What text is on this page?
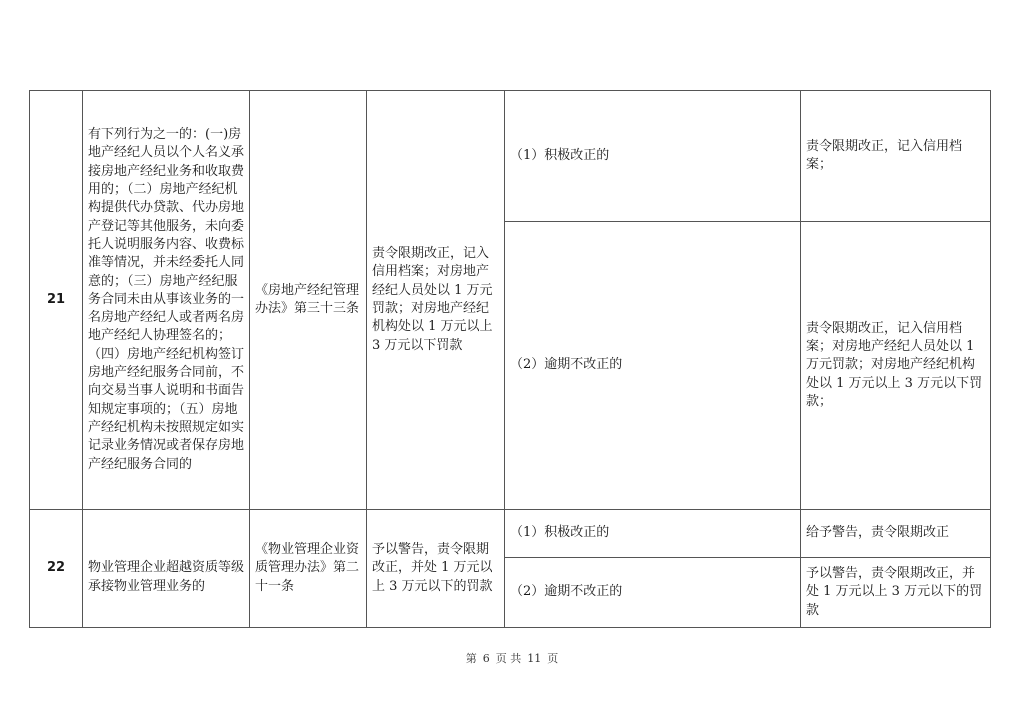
21	有下列行为之一的：(一)房地产经纪人员以个人名义承接房地产经纪业务和收取费用的；（二）房地产经纪机构提供代办贷款、代办房地产登记等其他服务，未向委托人说明服务内容、收费标准等情况，并未经委托人同意的；（三）房地产经纪服务合同未由从事该业务的一名房地产经纪人或者两名房地产经纪人协理签名的；（四）房地产经纪机构签订房地产经纪服务合同前，不向交易当事人说明和书面告知规定事项的；（五）房地产经纪机构未按照规定如实记录业务情况或者保存房地产经纪服务合同的	《房地产经纪管理办法》第三十三条	责令限期改正，记入信用档案；对房地产经纪人员处以 1 万元罚款；对房地产经纪机构处以 1 万元以上 3 万元以下罚款	（1）积极改正的	责令限期改正，记入信用档案；
				（2）逾期不改正的	责令限期改正，记入信用档案；对房地产经纪人员处以 1 万元罚款；对房地产经纪机构处以 1 万元以上 3 万元以下罚款；
22	物业管理企业超越资质等级承接物业管理业务的	《物业管理企业资质管理办法》第二十一条	予以警告，责令限期改正，并处 1 万元以上 3 万元以下的罚款	（1）积极改正的	给予警告，责令限期改正
				（2）逾期不改正的	予以警告，责令限期改正，并处 1 万元以上 3 万元以下的罚款
第 6 页 共 11 页
